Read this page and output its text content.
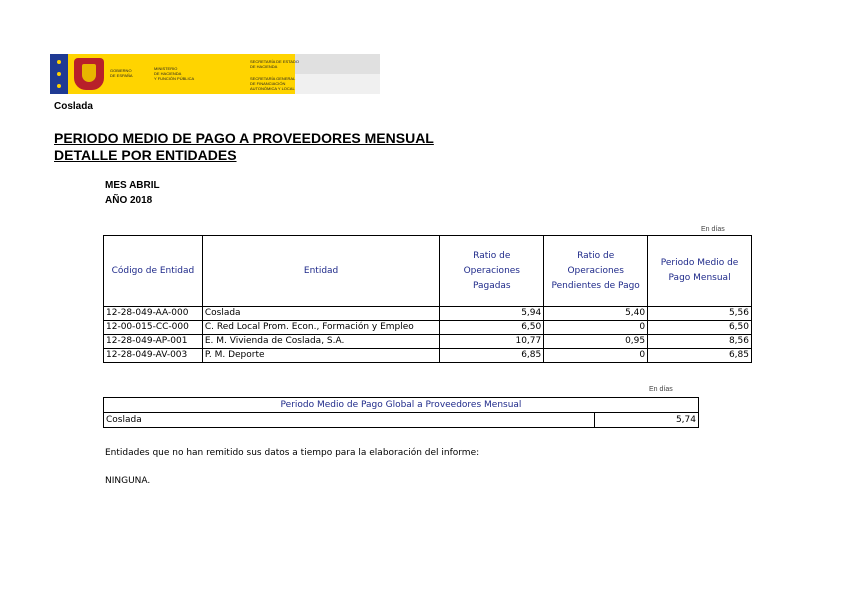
GOBIERNO
DE ESPAÑA
MINISTERIO
DE HACIENDA
Y FUNCIÓN PÚBLICA
SECRETARÍA DE ESTADO
DE HACIENDA
SECRETARÍA GENERAL
DE FINANCIACIÓN
AUTONÓMICA Y LOCAL
Coslada
PERIODO MEDIO DE PAGO A PROVEEDORES MENSUAL
DETALLE POR ENTIDADES
MES ABRIL
AÑO 2018
En días
Código de Entidad	Entidad	Ratio de Operaciones Pagadas	Ratio de Operaciones Pendientes de Pago	Periodo Medio de Pago Mensual
12-28-049-AA-000	Coslada	5,94	5,40	5,56
12-00-015-CC-000	C. Red Local Prom. Econ., Formación y Empleo	6,50	0	6,50
12-28-049-AP-001	E. M. Vivienda de Coslada, S.A.	10,77	0,95	8,56
12-28-049-AV-003	P. M. Deporte	6,85	0	6,85
En días
Periodo Medio de Pago Global a Proveedores Mensual
Coslada	5,74
Entidades que no han remitido sus datos a tiempo para la elaboración del informe:
NINGUNA.
